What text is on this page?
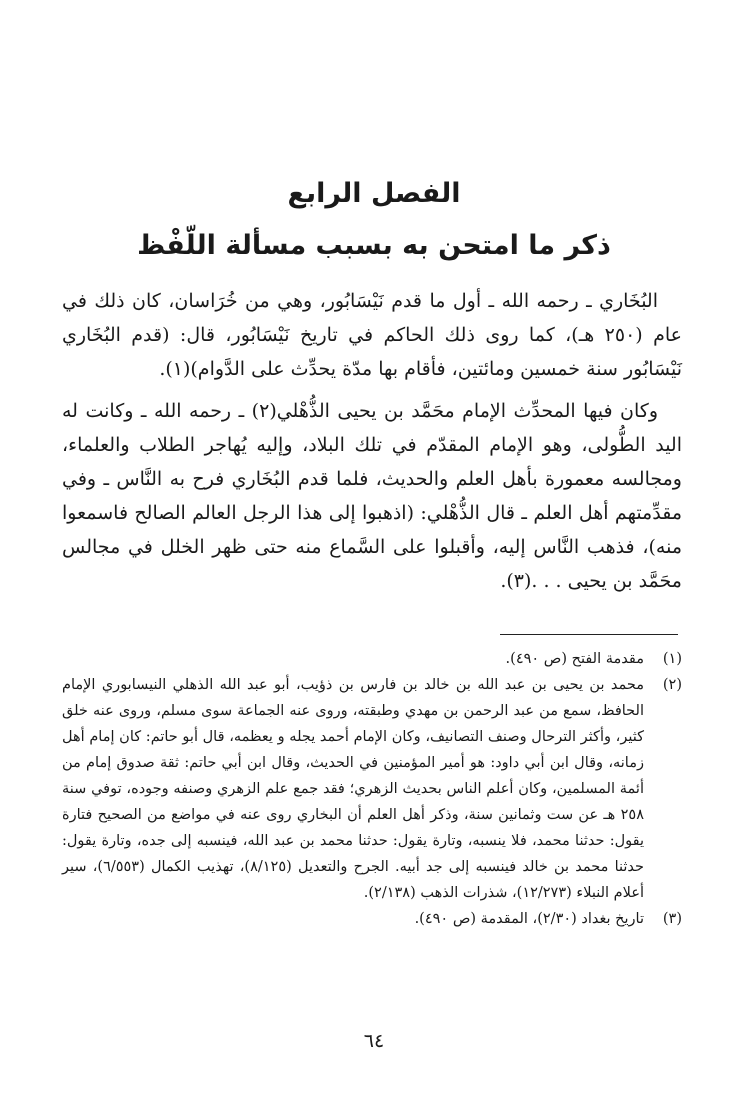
الفصل الرابع
ذكر ما امتحن به بسبب مسألة اللّفْظ

البُخَاري ـ رحمه الله ـ أول ما قدم نَيْسَابُور، وهي من خُرَاسان، كان ذلك في عام (٢٥٠ هـ)، كما روى ذلك الحاكم في تاريخ نَيْسَابُور، قال: (قدم البُخَاري نَيْسَابُور سنة خمسين ومائتين، فأقام بها مدّة يحدِّث على الدَّوام)(١).

وكان فيها المحدِّث الإمام محَمَّد بن يحيى الذُّهْلي(٢) ـ رحمه الله ـ وكانت له اليد الطُّولى، وهو الإمام المقدّم في تلك البلاد، وإليه يُهاجر الطلاب والعلماء، ومجالسه معمورة بأهل العلم والحديث، فلما قدم البُخَاري فرح به النَّاس ـ وفي مقدِّمتهم أهل العلم ـ قال الذُّهْلي: (اذهبوا إلى هذا الرجل العالم الصالح فاسمعوا منه)، فذهب النَّاس إليه، وأقبلوا على السَّماع منه حتى ظهر الخلل في مجالس محَمَّد بن يحيى . . .(٣).

(١)
مقدمة الفتح (ص ٤٩٠).
(٢)
محمد بن يحيى بن عبد الله بن خالد بن فارس بن ذؤيب، أبو عبد الله الذهلي النيسابوري الإمام الحافظ، سمع من عبد الرحمن بن مهدي وطبقته، وروى عنه الجماعة سوى مسلم، وروى عنه خلق كثير، وأكثر الترحال وصنف التصانيف، وكان الإمام أحمد يجله و يعظمه، قال أبو حاتم: كان إمام أهل زمانه، وقال ابن أبي داود: هو أمير المؤمنين في الحديث، وقال ابن أبي حاتم: ثقة صدوق إمام من أئمة المسلمين، وكان أعلم الناس بحديث الزهري؛ فقد جمع علم الزهري وصنفه وجوده، توفي سنة ٢٥٨ هـ عن ست وثمانين سنة، وذكر أهل العلم أن البخاري روى عنه في مواضع من الصحيح فتارة يقول: حدثنا محمد، فلا ينسبه، وتارة يقول: حدثنا محمد بن عبد الله، فينسبه إلى جده، وتارة يقول: حدثنا محمد بن خالد فينسبه إلى جد أبيه. الجرح والتعديل (٨/١٢٥)، تهذيب الكمال (٦/٥٥٣)، سير أعلام النبلاء (١٢/٢٧٣)، شذرات الذهب (٢/١٣٨).
(٣)
تاريخ بغداد (٢/٣٠)، المقدمة (ص ٤٩٠).
٦٤
